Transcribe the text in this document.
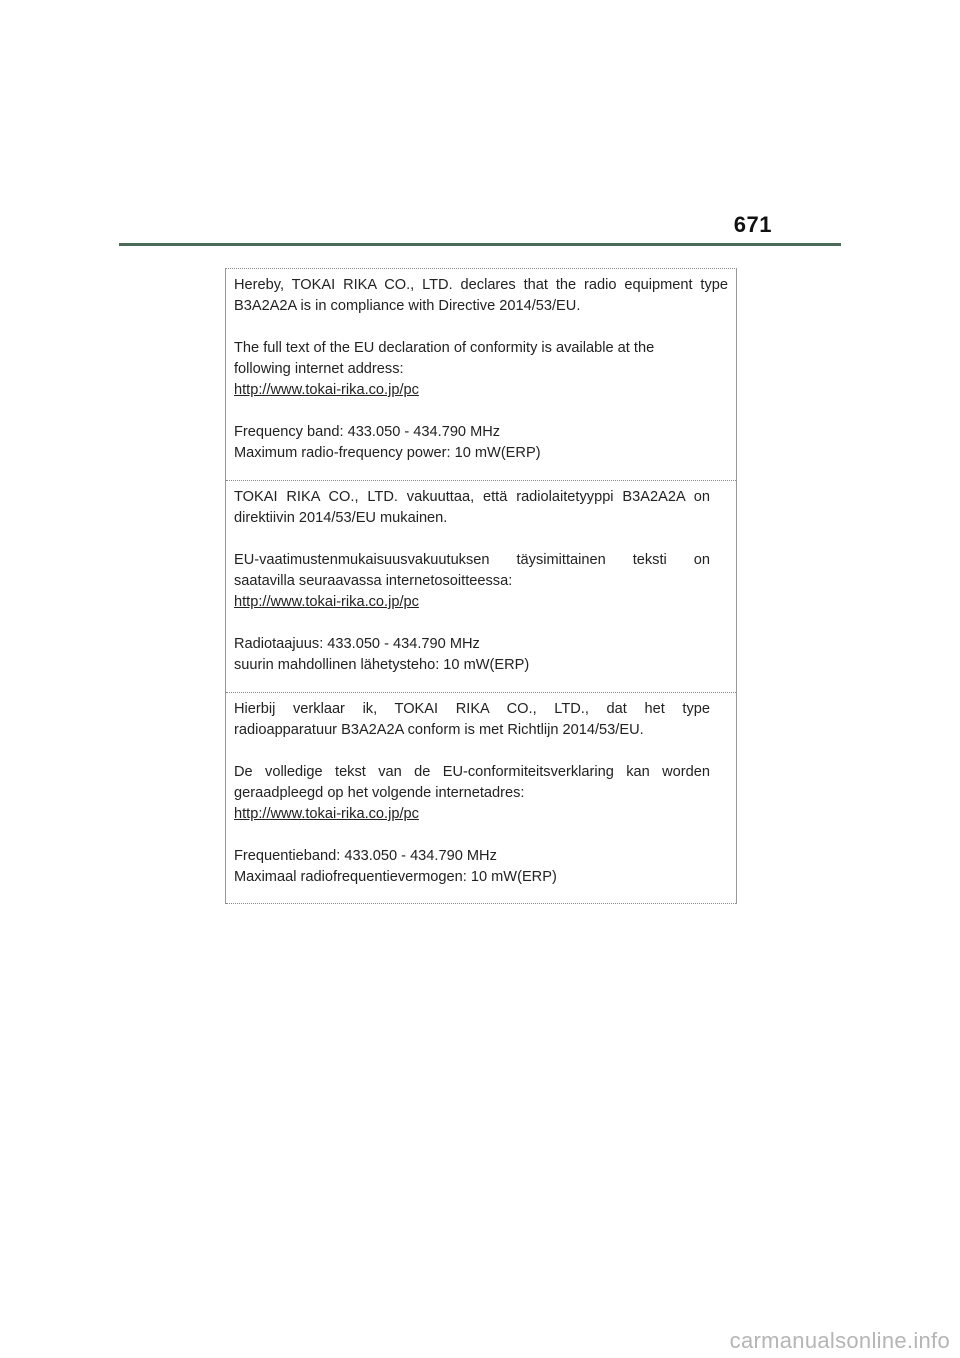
671

Hereby, TOKAI RIKA CO., LTD. declares that the radio equipment type

B3A2A2A is in compliance with Directive 2014/53/EU.

The full text of the EU declaration of conformity is available at the

following internet address:

http://www.tokai-rika.co.jp/pc

Frequency band: 433.050 - 434.790 MHz

Maximum radio-frequency power: 10 mW(ERP)

TOKAI RIKA CO., LTD. vakuuttaa, että radiolaitetyyppi B3A2A2A on

direktiivin 2014/53/EU mukainen.

EU-vaatimustenmukaisuusvakuutuksen täysimittainen teksti on

saatavilla seuraavassa internetosoitteessa:

http://www.tokai-rika.co.jp/pc

Radiotaajuus: 433.050 - 434.790 MHz

suurin mahdollinen lähetysteho: 10 mW(ERP)

Hierbij verklaar ik, TOKAI RIKA CO., LTD., dat het type

radioapparatuur B3A2A2A conform is met Richtlijn 2014/53/EU.

De volledige tekst van de EU-conformiteitsverklaring kan worden

geraadpleegd op het volgende internetadres:

http://www.tokai-rika.co.jp/pc

Frequentieband: 433.050 - 434.790 MHz

Maximaal radiofrequentievermogen: 10 mW(ERP)

carmanualsonline.info
